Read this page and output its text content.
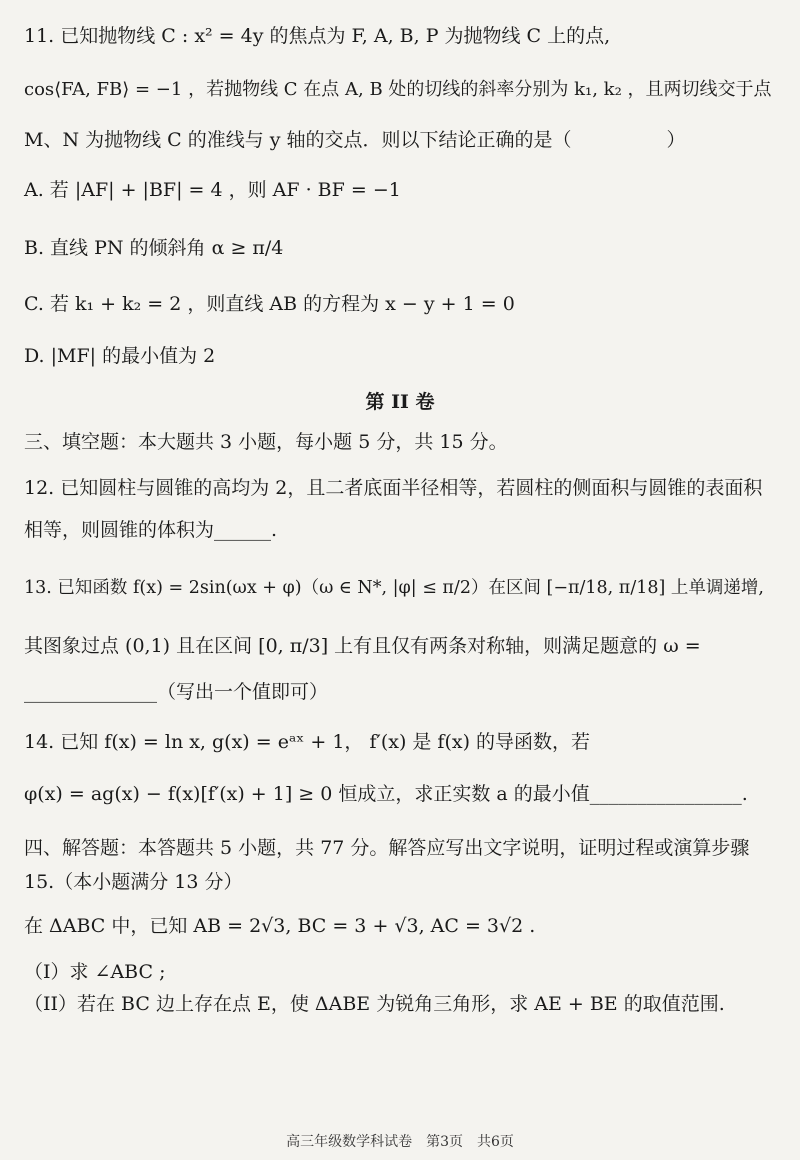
11. 已知抛物线 C : x² = 4y 的焦点为 F, A, B, P 为抛物线 C 上的点,
cos⟨FA, FB⟩ = −1 ，若抛物线 C 在点 A, B 处的切线的斜率分别为 k₁, k₂ ，且两切线交于点
M、N 为抛物线 C 的准线与 y 轴的交点．则以下结论正确的是（　　　　　）
A. 若 |AF| + |BF| = 4 ，则 AF · BF = −1
B. 直线 PN 的倾斜角 α ≥ π/4
C. 若 k₁ + k₂ = 2 ，则直线 AB 的方程为 x − y + 1 = 0
D. |MF| 的最小值为 2
第 II 卷
三、填空题：本大题共 3 小题，每小题 5 分，共 15 分。
12. 已知圆柱与圆锥的高均为 2，且二者底面半径相等，若圆柱的侧面积与圆锥的表面积
相等，则圆锥的体积为______.
13. 已知函数 f(x) = 2sin(ωx + φ)（ω ∈ N*, |φ| ≤ π/2）在区间 [−π/18, π/18] 上单调递增,
其图象过点 (0,1) 且在区间 [0, π/3] 上有且仅有两条对称轴，则满足题意的 ω =
______________（写出一个值即可）
14. 已知 f(x) = ln x, g(x) = eᵃˣ + 1， f′(x) 是 f(x) 的导函数，若
φ(x) = ag(x) − f(x)[f′(x) + 1] ≥ 0 恒成立，求正实数 a 的最小值________________.
四、解答题：本答题共 5 小题，共 77 分。解答应写出文字说明，证明过程或演算步骤
15.（本小题满分 13 分）
在 ΔABC 中，已知 AB = 2√3, BC = 3 + √3, AC = 3√2 .
（I）求 ∠ABC ;
（II）若在 BC 边上存在点 E，使 ΔABE 为锐角三角形，求 AE + BE 的取值范围.
高三年级数学科试卷　第3页　共6页
